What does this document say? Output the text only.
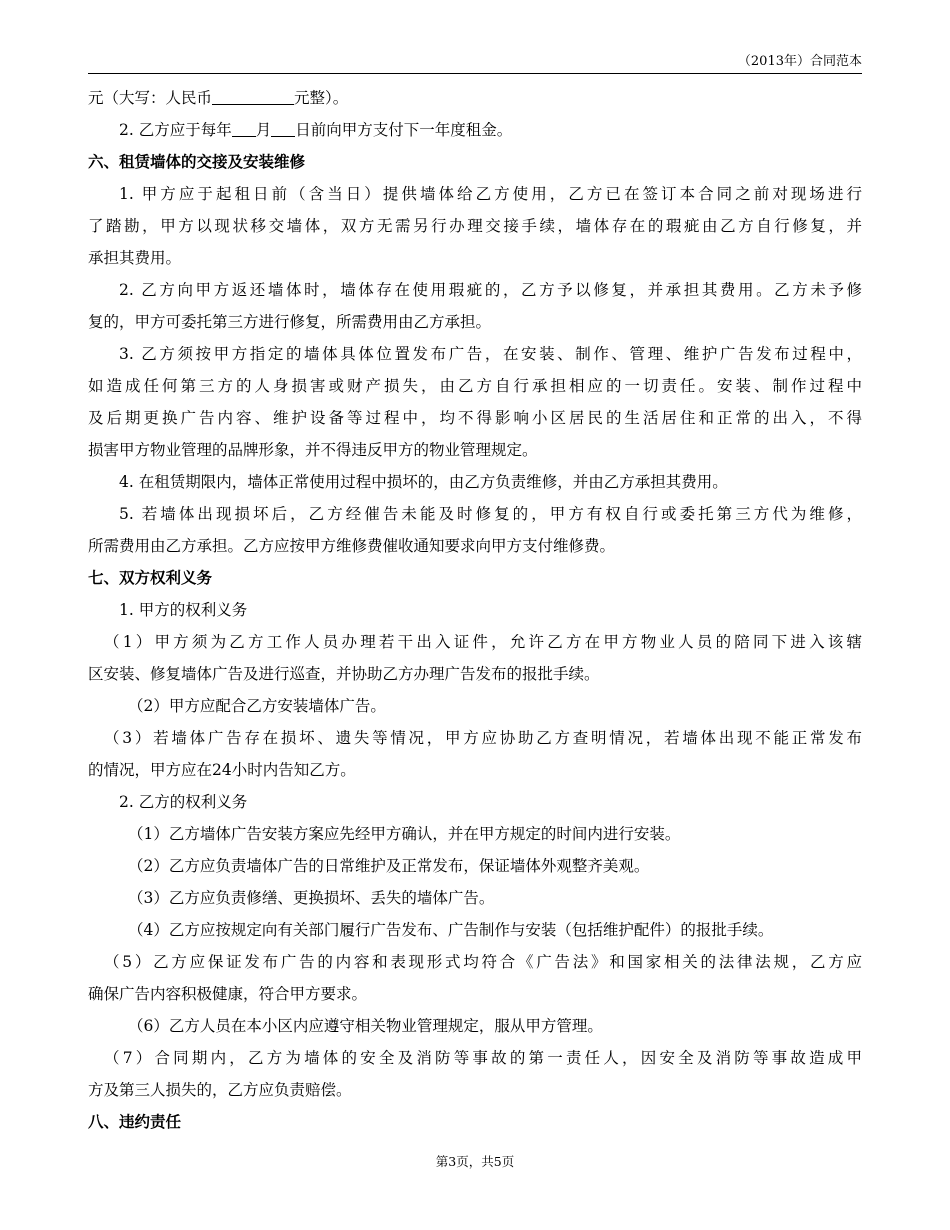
（2013年）合同范本
元（大写：人民币	元整）。
2. 乙方应于每年 月 日前向甲方支付下一年度租金。
六、租赁墙体的交接及安装维修
1. 甲方应于起租日前（含当日）提供墙体给乙方使用，乙方已在签订本合同之前对现场进行
了踏勘，甲方以现状移交墙体，双方无需另行办理交接手续，墙体存在的瑕疵由乙方自行修复，并
承担其费用。
2. 乙方向甲方返还墙体时，墙体存在使用瑕疵的，乙方予以修复，并承担其费用。乙方未予修
复的，甲方可委托第三方进行修复，所需费用由乙方承担。
3. 乙方须按甲方指定的墙体具体位置发布广告，在安装、制作、管理、维护广告发布过程中，
如造成任何第三方的人身损害或财产损失，由乙方自行承担相应的一切责任。安装、制作过程中
及后期更换广告内容、维护设备等过程中，均不得影响小区居民的生活居住和正常的出入，不得
损害甲方物业管理的品牌形象，并不得违反甲方的物业管理规定。
4. 在租赁期限内，墙体正常使用过程中损坏的，由乙方负责维修，并由乙方承担其费用。
5. 若墙体出现损坏后，乙方经催告未能及时修复的，甲方有权自行或委托第三方代为维修，
所需费用由乙方承担。乙方应按甲方维修费催收通知要求向甲方支付维修费。
七、双方权利义务
1. 甲方的权利义务
（1）甲方须为乙方工作人员办理若干出入证件，允许乙方在甲方物业人员的陪同下进入该辖
区安装、修复墙体广告及进行巡查，并协助乙方办理广告发布的报批手续。
（2）甲方应配合乙方安装墙体广告。
（3）若墙体广告存在损坏、遗失等情况，甲方应协助乙方查明情况，若墙体出现不能正常发布
的情况，甲方应在24小时内告知乙方。
2. 乙方的权利义务
（1）乙方墙体广告安装方案应先经甲方确认，并在甲方规定的时间内进行安装。
（2）乙方应负责墙体广告的日常维护及正常发布，保证墙体外观整齐美观。
（3）乙方应负责修缮、更换损坏、丢失的墙体广告。
（4）乙方应按规定向有关部门履行广告发布、广告制作与安装（包括维护配件）的报批手续。
（5）乙方应保证发布广告的内容和表现形式均符合《广告法》和国家相关的法律法规，乙方应
确保广告内容积极健康，符合甲方要求。
（6）乙方人员在本小区内应遵守相关物业管理规定，服从甲方管理。
（7）合同期内，乙方为墙体的安全及消防等事故的第一责任人，因安全及消防等事故造成甲
方及第三人损失的，乙方应负责赔偿。
八、违约责任
第3页，共5页
